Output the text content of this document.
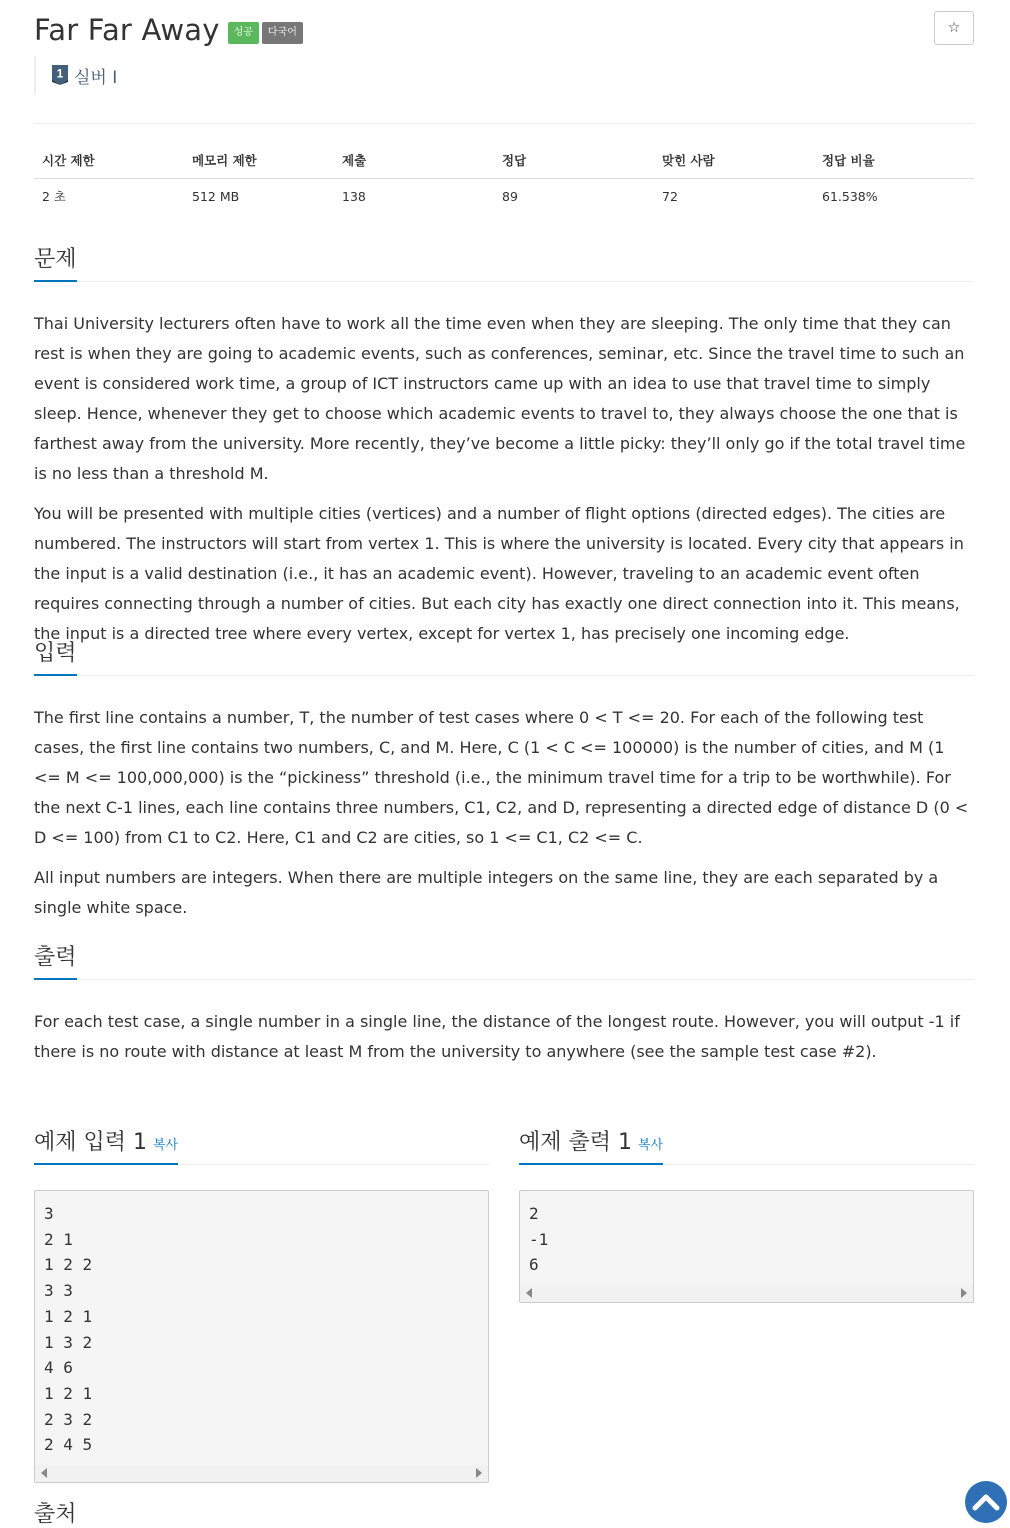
Far Far Away	성공	다국어	☆
1 실버 I
시간 제한	메모리 제한	제출	정답	맞힌 사람	정답 비율
2 초	512 MB	138	89	72	61.538%
문제

Thai University lecturers often have to work all the time even when they are sleeping. The only time that they can rest is when they are going to academic events, such as conferences, seminar, etc. Since the travel time to such an event is considered work time, a group of ICT instructors came up with an idea to use that travel time to simply sleep. Hence, whenever they get to choose which academic events to travel to, they always choose the one that is farthest away from the university. More recently, they’ve become a little picky: they’ll only go if the total travel time is no less than a threshold M.

You will be presented with multiple cities (vertices) and a number of flight options (directed edges). The cities are numbered. The instructors will start from vertex 1. This is where the university is located. Every city that appears in the input is a valid destination (i.e., it has an academic event). However, traveling to an academic event often requires connecting through a number of cities. But each city has exactly one direct connection into it. This means, the input is a directed tree where every vertex, except for vertex 1, has precisely one incoming edge.

입력

The first line contains a number, T, the number of test cases where 0 < T <= 20. For each of the following test cases, the first line contains two numbers, C, and M. Here, C (1 < C <= 100000) is the number of cities, and M (1 <= M <= 100,000,000) is the “pickiness” threshold (i.e., the minimum travel time for a trip to be worthwhile). For the next C-1 lines, each line contains three numbers, C1, C2, and D, representing a directed edge of distance D (0 < D <= 100) from C1 to C2. Here, C1 and C2 are cities, so 1 <= C1, C2 <= C.

All input numbers are integers. When there are multiple integers on the same line, they are each separated by a single white space.

출력

For each test case, a single number in a single line, the distance of the longest route. However, you will output -1 if there is no route with distance at least M from the university to anywhere (see the sample test case #2).

예제 입력 1 복사
3
2 1
1 2 2
3 3
1 2 1
1 3 2
4 6
1 2 1
2 3 2
2 4 5
예제 출력 1 복사
2
-1
6
출처
